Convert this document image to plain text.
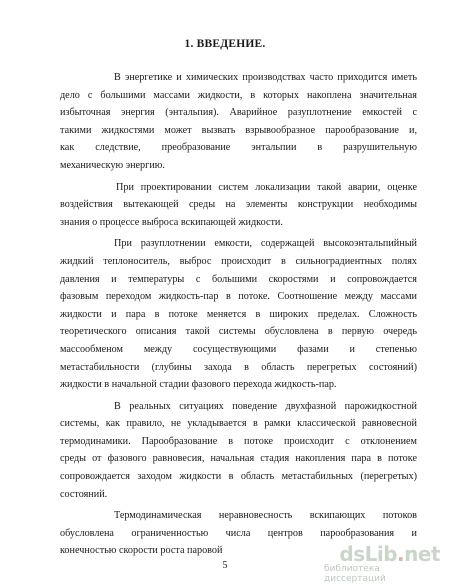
1. ВВЕДЕНИЕ.
В энергетике и химических производствах часто приходится иметь
дело с большими массами жидкости, в которых накоплена значительная
избыточная энергия (энтальпия). Аварийное разуплотнение емкостей с
такими жидкостями может вызвать взрывообразное парообразование и,
как следствие, преобразование энтальпии в разрушительную
механическую энергию.
При проектировании систем локализации такой аварии, оценке
воздействия вытекающей среды на элементы конструкции необходимы
знания о процессе выброса вскипающей жидкости.
При разуплотнении емкости, содержащей высокоэнтальпийный
жидкий теплоноситель, выброс происходит в сильноградиентных полях
давления и температуры с большими скоростями и сопровождается
фазовым переходом жидкость-пар в потоке. Соотношение между массами
жидкости и пара в потоке меняется в широких пределах. Сложность
теоретического описания такой системы обусловлена в первую очередь
массообменом между сосуществующими фазами и степенью
метастабильности (глубины захода в область перегретых состояний)
жидкости в начальной стадии фазового перехода жидкость-пар.
В реальных ситуациях поведение двухфазной парожидкостной
системы, как правило, не укладывается в рамки классической равновесной
термодинамики. Парообразование в потоке происходит с отклонением
среды от фазового равновесия, начальная стадия накопления пара в потоке
сопровождается заходом жидкости в область метастабильных (перегретых)
состояний.
Термодинамическая неравновесность вскипающих потоков
обусловлена ограниченностью числа центров парообразования и
конечностью скорости роста паровой
5	dsLib.net
библиотека диссертаций
